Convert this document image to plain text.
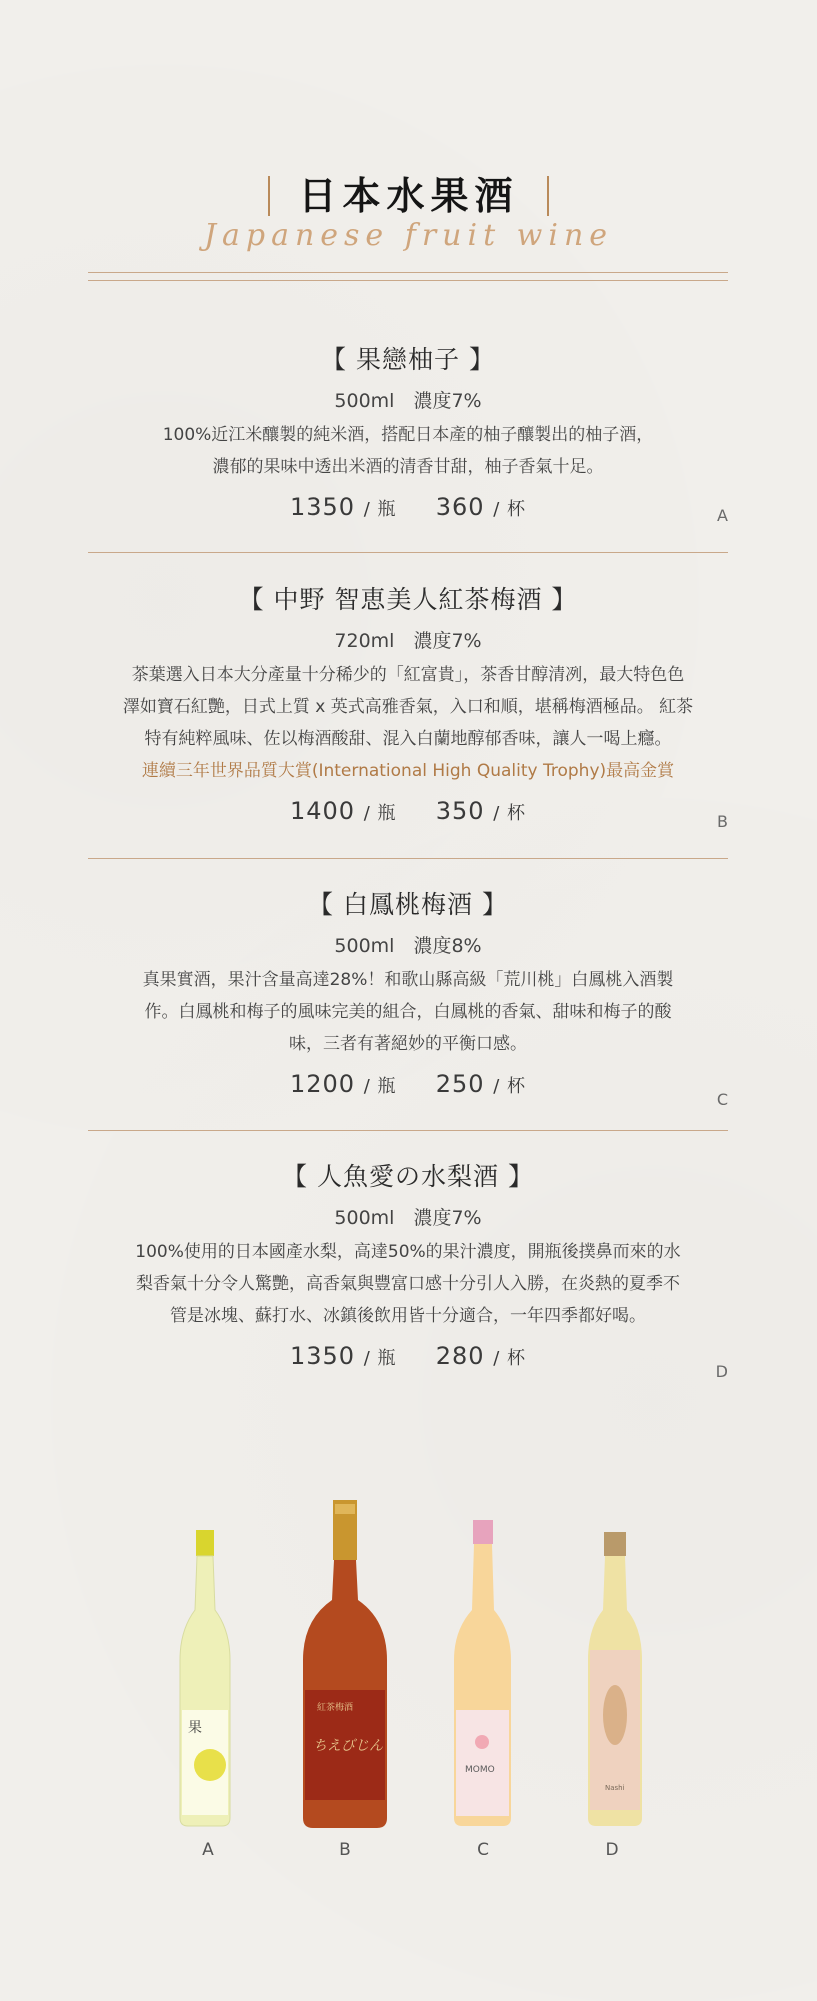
日本水果酒
Japanese fruit wine
【 果戀柚子 】
500ml　濃度7%
100%近江米釀製的純米酒，搭配日本產的柚子釀製出的柚子酒，
濃郁的果味中透出米酒的清香甘甜，柚子香氣十足。
1350 / 瓶 360 / 杯	A
【 中野 智恵美人紅茶梅酒 】
720ml　濃度7%
茶葉選入日本大分產量十分稀少的「紅富貴」，茶香甘醇清冽，最大特色色
澤如寶石紅艷，日式上質 x 英式高雅香氣，入口和順，堪稱梅酒極品。 紅茶
特有純粹風味、佐以梅酒酸甜、混入白蘭地醇郁香味，讓人一喝上癮。
連續三年世界品質大賞(International High Quality Trophy)最高金賞
1400 / 瓶 350 / 杯	B
【 白鳳桃梅酒 】
500ml　濃度8%
真果實酒，果汁含量高達28%！和歌山縣高級「荒川桃」白鳳桃入酒製
作。白鳳桃和梅子的風味完美的組合，白鳳桃的香氣、甜味和梅子的酸
味，三者有著絕妙的平衡口感。
1200 / 瓶 250 / 杯
C
【 人魚愛の水梨酒 】
500ml　濃度7%
100%使用的日本國產水梨，高達50%的果汁濃度，開瓶後撲鼻而來的水
梨香氣十分令人驚艷，高香氣與豐富口感十分引人入勝，在炎熱的夏季不
管是冰塊、蘇打水、冰鎮後飲用皆十分適合，一年四季都好喝。
1350 / 瓶 280 / 杯
D
果
紅茶梅酒
ちえびじん
MOMO
Nashi
A	B	C	D
